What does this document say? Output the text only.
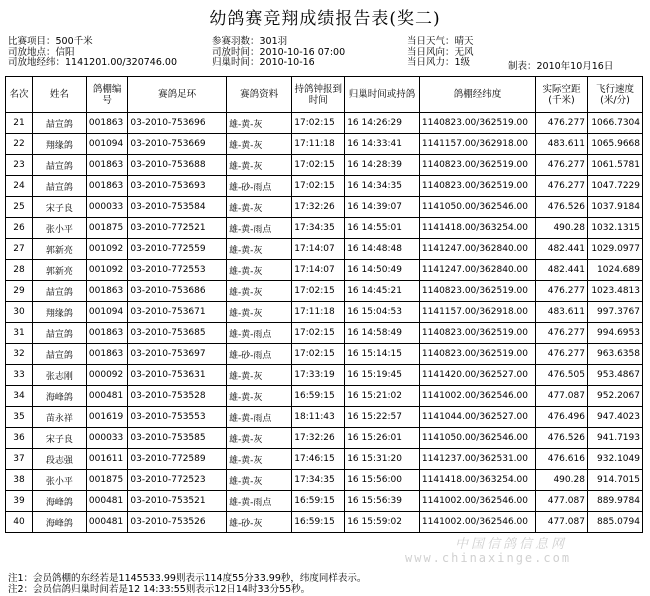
幼鸽赛竞翔成绩报告表(奖二)
比赛项目：500千米
司放地点：信阳
司放地经纬：1141201.00/320746.00
参赛羽数：301羽
司放时间：2010-10-16 07:00
归巢时间：2010-10-16
当日天气：晴天
当日风向：无风
当日风力：1级	制表：2010年10月16日
名次	姓名	鸽棚编号	赛鸽足环	赛鸽资料	持鸽钟报到时间	归巢时间或持鸽	鸽棚经纬度	实际空距(千米)	飞行速度(米/分)
21	喆宣鸽	001863	03-2010-753696	雄-黄-灰	17:02:15	16 14:26:29	1140823.00/362519.00	476.277	1066.7304
22	翔缘鸽	001094	03-2010-753669	雄-黄-灰	17:11:18	16 14:33:41	1141157.00/362918.00	483.611	1065.9668
23	喆宣鸽	001863	03-2010-753688	雄-黄-灰	17:02:15	16 14:28:39	1140823.00/362519.00	476.277	1061.5781
24	喆宣鸽	001863	03-2010-753693	雄-砂-雨点	17:02:15	16 14:34:35	1140823.00/362519.00	476.277	1047.7229
25	宋子良	000033	03-2010-753584	雄-黄-灰	17:32:26	16 14:39:07	1141050.00/362546.00	476.526	1037.9184
26	张小平	001875	03-2010-772521	雄-黄-雨点	17:34:35	16 14:55:01	1141418.00/363254.00	490.28	1032.1315
27	郭新亮	001092	03-2010-772559	雄-黄-灰	17:14:07	16 14:48:48	1141247.00/362840.00	482.441	1029.0977
28	郭新亮	001092	03-2010-772553	雄-黄-灰	17:14:07	16 14:50:49	1141247.00/362840.00	482.441	1024.689
29	喆宣鸽	001863	03-2010-753686	雄-黄-灰	17:02:15	16 14:45:21	1140823.00/362519.00	476.277	1023.4813
30	翔缘鸽	001094	03-2010-753671	雄-黄-灰	17:11:18	16 15:04:53	1141157.00/362918.00	483.611	997.3767
31	喆宣鸽	001863	03-2010-753685	雄-黄-雨点	17:02:15	16 14:58:49	1140823.00/362519.00	476.277	994.6953
32	喆宣鸽	001863	03-2010-753697	雄-砂-雨点	17:02:15	16 15:14:15	1140823.00/362519.00	476.277	963.6358
33	张志刚	000092	03-2010-753631	雄-黄-灰	17:33:19	16 15:19:45	1141420.00/362527.00	476.505	953.4867
34	海峰鸽	000481	03-2010-753528	雄-黄-灰	16:59:15	16 15:21:02	1141002.00/362546.00	477.087	952.2067
35	苗永祥	001619	03-2010-753553	雄-黄-雨点	18:11:43	16 15:22:57	1141044.00/362527.00	476.496	947.4023
36	宋子良	000033	03-2010-753585	雄-黄-灰	17:32:26	16 15:26:01	1141050.00/362546.00	476.526	941.7193
37	段志强	001611	03-2010-772589	雄-黄-灰	17:46:15	16 15:31:20	1141237.00/362531.00	476.616	932.1049
38	张小平	001875	03-2010-772523	雄-黄-灰	17:34:35	16 15:56:00	1141418.00/363254.00	490.28	914.7015
39	海峰鸽	000481	03-2010-753521	雄-黄-雨点	16:59:15	16 15:56:39	1141002.00/362546.00	477.087	889.9784
40	海峰鸽	000481	03-2010-753526	雄-砂-灰	16:59:15	16 15:59:02	1141002.00/362546.00	477.087	885.0794
中国信鸽信息网
www.chinaxinge.com
注1：会员鸽棚的东经若是1145533.99则表示114度55分33.99秒，纬度同样表示。
注2：会员信鸽归巢时间若是12 14:33:55则表示12日14时33分55秒。
